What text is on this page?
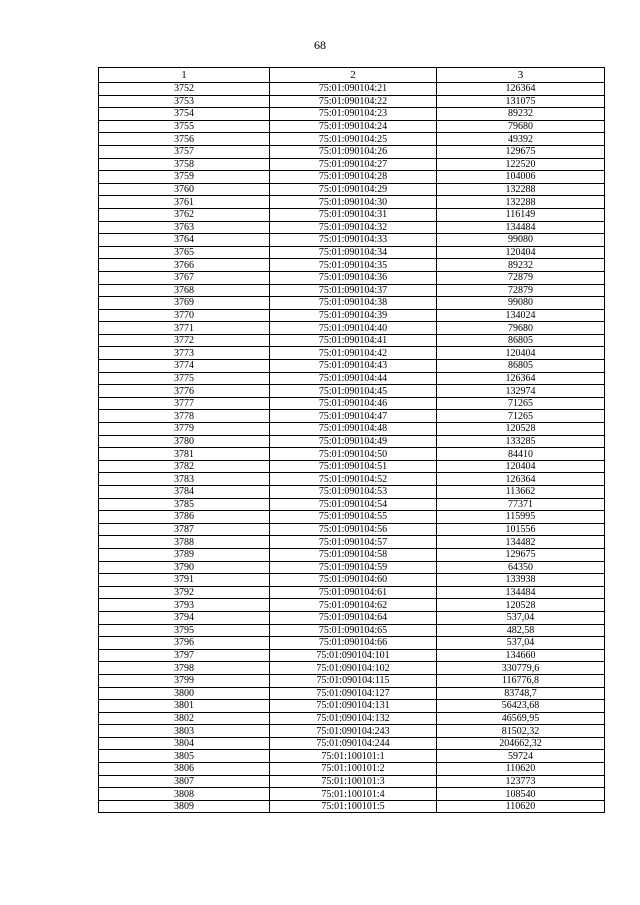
68
1	2	3
3752	75:01:090104:21	126364
3753	75:01:090104:22	131075
3754	75:01:090104:23	89232
3755	75:01:090104:24	79680
3756	75:01:090104:25	49392
3757	75:01:090104:26	129675
3758	75:01:090104:27	122520
3759	75:01:090104:28	104006
3760	75:01:090104:29	132288
3761	75:01:090104:30	132288
3762	75:01:090104:31	116149
3763	75:01:090104:32	134484
3764	75:01:090104:33	99080
3765	75:01:090104:34	120404
3766	75:01:090104:35	89232
3767	75:01:090104:36	72879
3768	75:01:090104:37	72879
3769	75:01:090104:38	99080
3770	75:01:090104:39	134024
3771	75:01:090104:40	79680
3772	75:01:090104:41	86805
3773	75:01:090104:42	120404
3774	75:01:090104:43	86805
3775	75:01:090104:44	126364
3776	75:01:090104:45	132974
3777	75:01:090104:46	71265
3778	75:01:090104:47	71265
3779	75:01:090104:48	120528
3780	75:01:090104:49	133285
3781	75:01:090104:50	84410
3782	75:01:090104:51	120404
3783	75:01:090104:52	126364
3784	75:01:090104:53	113662
3785	75:01:090104:54	77371
3786	75:01:090104:55	115995
3787	75:01:090104:56	101556
3788	75:01:090104:57	134482
3789	75:01:090104:58	129675
3790	75:01:090104:59	64350
3791	75:01:090104:60	133938
3792	75:01:090104:61	134484
3793	75:01:090104:62	120528
3794	75:01:090104:64	537,04
3795	75:01:090104:65	482,58
3796	75:01:090104:66	537,04
3797	75:01:090104:101	134660
3798	75:01:090104:102	330779,6
3799	75:01:090104:115	116776,8
3800	75:01:090104:127	83748,7
3801	75:01:090104:131	56423,68
3802	75:01:090104:132	46569,95
3803	75:01:090104:243	81502,32
3804	75:01:090104:244	204662,32
3805	75:01:100101:1	59724
3806	75:01:100101:2	110620
3807	75:01:100101:3	123773
3808	75:01:100101:4	108540
3809	75:01:100101:5	110620
